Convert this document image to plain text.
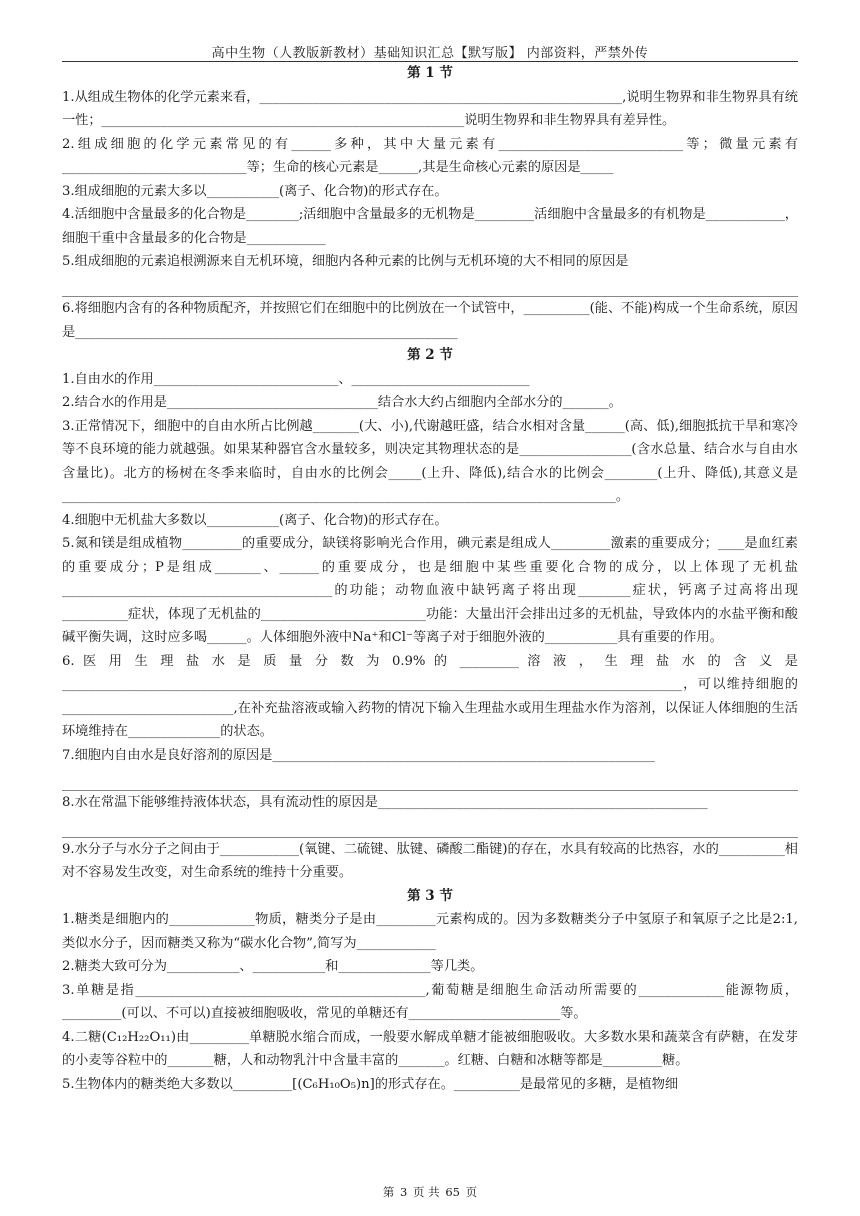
高中生物（人教版新教材）基础知识汇总【默写版】 内部资料，严禁外传
第 1 节

1.从组成生物体的化学元素来看，_______________________________________________________,说明生物界和非生物界具有统一性；_______________________________________________________说明生物界和非生物界具有差异性。

2.组成细胞的化学元素常见的有______多种，其中大量元素有____________________________等；微量元素有____________________________等；生命的核心元素是______,其是生命核心元素的原因是_____

3.组成细胞的元素大多以___________(离子、化合物)的形式存在。

4.活细胞中含量最多的化合物是________;活细胞中含量最多的无机物是_________活细胞中含量最多的有机物是____________，细胞干重中含量最多的化合物是____________

5.组成细胞的元素追根溯源来自无机环境，细胞内各种元素的比例与无机环境的大不相同的原因是

6.将细胞内含有的各种物质配齐，并按照它们在细胞中的比例放在一个试管中，__________(能、不能)构成一个生命系统，原因是__________________________________________________________

第 2 节

1.自由水的作用____________________________、___________________________

2.结合水的作用是________________________________结合水大约占细胞内全部水分的_______。

3.正常情况下，细胞中的自由水所占比例越_______(大、小),代谢越旺盛，结合水相对含量______(高、低),细胞抵抗干旱和寒冷等不良环境的能力就越强。如果某种器官含水量较多，则决定其物理状态的是_________________(含水总量、结合水与自由水含量比)。北方的杨树在冬季来临时，自由水的比例会_____(上升、降低),结合水的比例会________(上升、降低),其意义是____________________________________________________________________________________。

4.细胞中无机盐大多数以___________(离子、化合物)的形式存在。

5.氮和镁是组成植物_________的重要成分，缺镁将影响光合作用，碘元素是组成人_________激素的重要成分；____是血红素的重要成分；P是组成_______、______的重要成分，也是细胞中某些重要化合物的成分，以上体现了无机盐_________________________________________的功能；动物血液中缺钙离子将出现________症状，钙离子过高将出现__________症状，体现了无机盐的_________________________功能：大量出汗会排出过多的无机盐，导致体内的水盐平衡和酸碱平衡失调，这时应多喝______。人体细胞外液中Na⁺和Cl⁻等离子对于细胞外液的___________具有重要的作用。

6. 医 用 生 理 盐 水 是 质 量 分 数 为 0.9% 的 _________ 溶 液 ， 生 理 盐 水 的 含 义 是 ______________________________________________________________________________________________，可以维持细胞的__________________________,在补充盐溶液或输入药物的情况下输入生理盐水或用生理盐水作为溶剂，以保证人体细胞的生活环境维持在______________的状态。

7.细胞内自由水是良好溶剂的原因是__________________________________________________________

8.水在常温下能够维持液体状态，具有流动性的原因是__________________________________________________

9.水分子与水分子之间由于____________(氧键、二硫键、肽键、磷酸二酯键)的存在，水具有较高的比热容，水的__________相对不容易发生改变，对生命系统的维持十分重要。

第 3 节

1.糖类是细胞内的_____________物质，糖类分子是由_________元素构成的。因为多数糖类分子中氢原子和氧原子之比是2:1,类似水分子，因而糖类又称为“碳水化合物”,简写为____________

2.糖类大致可分为___________、___________和______________等几类。

3.单糖是指____________________________________________,葡萄糖是细胞生命活动所需要的_____________能源物质，_________(可以、不可以)直接被细胞吸收，常见的单糖还有_______________________等。

4.二糖(C₁₂H₂₂O₁₁)由_________单糖脱水缩合而成，一般要水解成单糖才能被细胞吸收。大多数水果和蔬菜含有萨糖，在发芽的小麦等谷粒中的_______糖，人和动物乳汁中含量丰富的_______。红糖、白糖和冰糖等都是_________糖。

5.生物体内的糖类绝大多数以_________[(C₆H₁₀O₅)n]的形式存在。__________是最常见的多糖，是植物细

第 3 页 共 65 页
